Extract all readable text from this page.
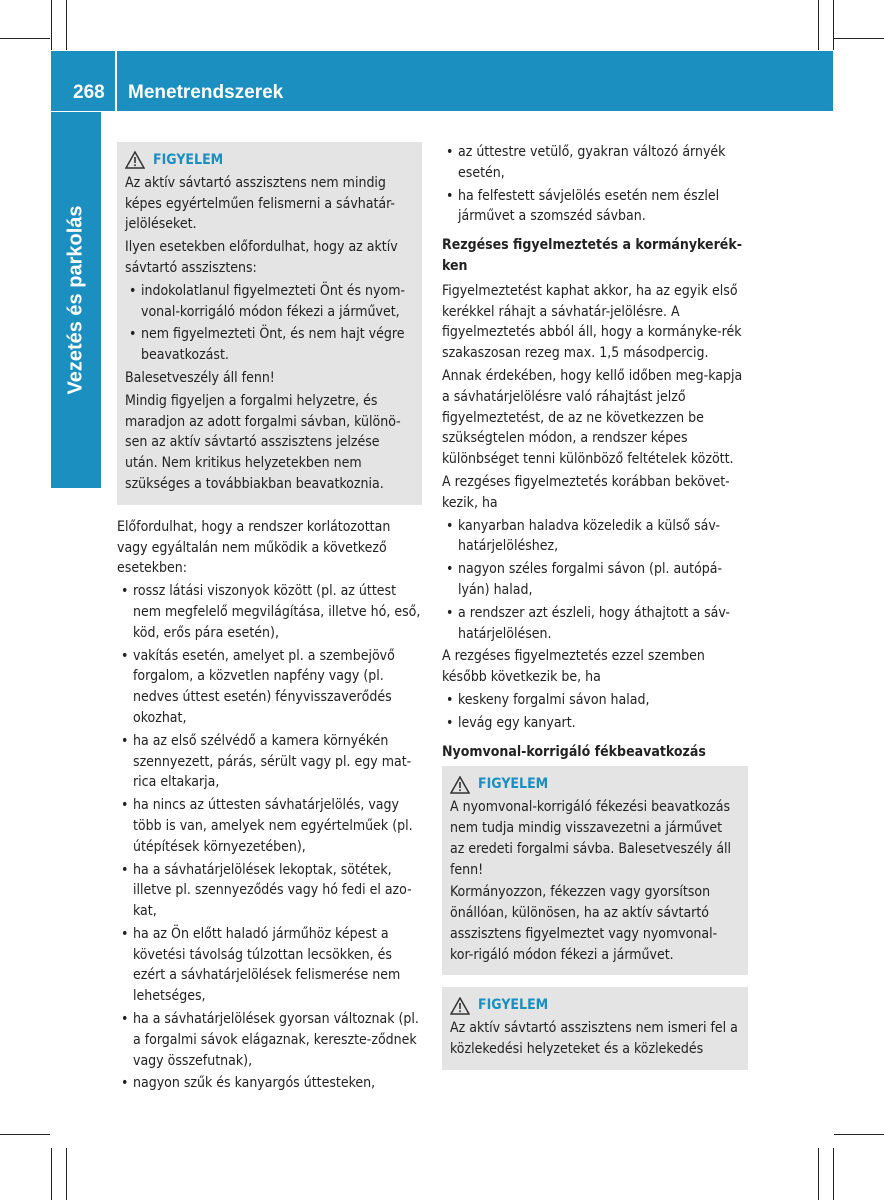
268 Menetrendszerek
Vezetés és parkolás
FIGYELEM

Az aktív sávtartó asszisztens nem mindig képes egyértelműen felismerni a sávhatár-jelöléseket.

Ilyen esetekben előfordulhat, hogy az aktív sávtartó asszisztens:

• indokolatlanul figyelmezteti Önt és nyom-vonal-korrigáló módon fékezi a járművet,
• nem figyelmezteti Önt, és nem hajt végre beavatkozást.

Balesetveszély áll fenn!

Mindig figyeljen a forgalmi helyzetre, és maradjon az adott forgalmi sávban, különö-sen az aktív sávtartó asszisztens jelzése után. Nem kritikus helyzetekben nem szükséges a továbbiakban beavatkoznia.

Előfordulhat, hogy a rendszer korlátozottan vagy egyáltalán nem működik a következő esetekben:

• rossz látási viszonyok között (pl. az úttest nem megfelelő megvilágítása, illetve hó, eső, köd, erős pára esetén),
• vakítás esetén, amelyet pl. a szembejövő forgalom, a közvetlen napfény vagy (pl. nedves úttest esetén) fényvisszaverődés okozhat,
• ha az első szélvédő a kamera környékén szennyezett, párás, sérült vagy pl. egy mat-rica eltakarja,
• ha nincs az úttesten sávhatárjelölés, vagy több is van, amelyek nem egyértelműek (pl. útépítések környezetében),
• ha a sávhatárjelölések lekoptak, sötétek, illetve pl. szennyeződés vagy hó fedi el azo-kat,
• ha az Ön előtt haladó járműhöz képest a követési távolság túlzottan lecsökken, és ezért a sávhatárjelölések felismerése nem lehetséges,
• ha a sávhatárjelölések gyorsan változnak (pl. a forgalmi sávok elágaznak, kereszte-ződnek vagy összefutnak),
• nagyon szűk és kanyargós úttesteken,
• az úttestre vetülő, gyakran változó árnyék esetén,
• ha felfestett sávjelölés esetén nem észlel járművet a szomszéd sávban.
Rezgéses figyelmeztetés a kormánykerék-ken

Figyelmeztetést kaphat akkor, ha az egyik első kerékkel ráhajt a sávhatár-jelölésre. A figyelmeztetés abból áll, hogy a kormányke-rék szakaszosan rezeg max. 1,5 másodpercig.

Annak érdekében, hogy kellő időben meg-kapja a sávhatárjelölésre való ráhajtást jelző figyelmeztetést, de az ne következzen be szükségtelen módon, a rendszer képes különbséget tenni különböző feltételek között.

A rezgéses figyelmeztetés korábban bekövet-kezik, ha

• kanyarban haladva közeledik a külső sáv-határjelöléshez,
• nagyon széles forgalmi sávon (pl. autópá-lyán) halad,
• a rendszer azt észleli, hogy áthajtott a sáv-határjelölésen.

A rezgéses figyelmeztetés ezzel szemben később következik be, ha

• keskeny forgalmi sávon halad,
• levág egy kanyart.
Nyomvonal-korrigáló fékbeavatkozás
FIGYELEM

A nyomvonal-korrigáló fékezési beavatkozás nem tudja mindig visszavezetni a járművet az eredeti forgalmi sávba. Balesetveszély áll fenn!

Kormányozzon, fékezzen vagy gyorsítson önállóan, különösen, ha az aktív sávtartó asszisztens figyelmeztet vagy nyomvonal-kor-rigáló módon fékezi a járművet.

FIGYELEM

Az aktív sávtartó asszisztens nem ismeri fel a közlekedési helyzeteket és a közlekedés
